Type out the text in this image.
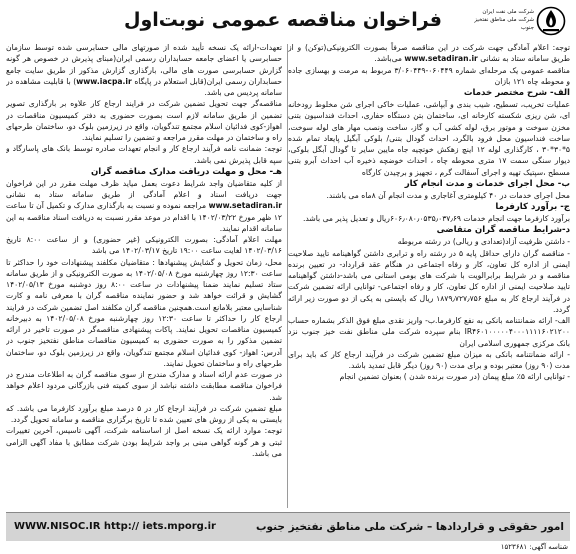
فراخوان مناقصه عمومی نوبت‌اول	شرکت ملی نفت ایران
شرکت ملی مناطق نفتخیز
جنوب

توجه: اعلام آمادگی جهت شرکت در این مناقصه صرفاً بصورت الکترونیکی(توکن) و از طریق سامانه ستاد به نشانی www.setadiran.ir می‌باشد.

مناقصه عمومی یک مرحله‌ای شماره ۰۶۰۴۴۹-۳/۰۶۰۴۴۹ مربوط به مرمت و بهسازی جاده و محوطه چاه ۱۲۱ بازان

الف- شرح مختصر خدمات

عملیات تخریب، تسطیح، شیب بندی و آبپاشی، عملیات خاکی اجرای شن مخلوط رودخانه ای، شن ریزی شکسته کارخانه ای، ساختمان بتن دستگاه حفاری، احداث فنداسیون بتنی مخزن سوخت و موتور برق، لوله کشی آب و گاز، ساخت ونصب مهار های لوله سوخت، ساخت فنداسیون محل فرود بالگرد، احداث گودال بتنی/ بلوکی آبگیل پایعاد تمام شده ۵*۳۰*۳۰ ، کارگذاری لوله ۱۲ اینچ زهکش خوتچیه جاه مایین سایر تا گودال آبگل بلوکی، دیوار سنگی سمت ۱۷ متری محوطه چاه ، احداث خوضچه ذخیره آب احداث آبرو بتنی مسطح ،سپتیک تهیه و اجرای آسفالت گرم ، تجهیز و برچیدن کارگاه

ب- محل اجرای خدمات و مدت انجام کار

محل اجرای خدمات در ۴۰ کیلومتری آغاجاری و مدت انجام آن ۸ماه می باشند.

ج- برآورد کارفرما

برآورد کارفرما جهت انجام خدمات ۶۰۶٫۰۸۰٫۰۵۳۵٫۰۳۷٫۶۹ریال و تعدیل پذیر می باشد.

د-شرایط مناقصه گران متقاضی

- داشتن ظرفیت آزاد(تعدادی و ریالی) در رشته مربوطه

- مناقصه گران دارای حداقل پایه ۵ در رشته راه و ترابری داشتن گواهینامه تایید صلاحیت ایمنی از اداره کل تعاون، کار و رفاه اجتماعی در هنگام عقد قرارداد- در تعیین برنده مناقصه و در شرایط برابرالویت با شرکت های بومی استانی می باشد-داشتن گواهینامه تایید صلاحیت ایمنی از اداره کل تعاون، کار و رفاه اجتماعی- توانایی ارائه تضمین شرکت در فرآیند ارجاع کار به مبلغ ۱۸۷۹٫۷۲۷٫۷۵۶ ریال که بایستی به یکی از دو صورت زیر ارائه گردد.

الف- ارائه ضمانتنامه بانکی به نفع کارفرما.ب- واریز نقدی مبلغ فوق الذکر بشماره حساب IR۴۶۰۱۰۰۰۰۰۴۰۰۰۱۱۱۱۶۰۲۱۲۰۰ بنام سپرده شرکت ملی مناطق نفت خیز جنوب نزد بانک مرکزی جمهوری اسلامی ایران

- ارائه ضمانتنامه بانکی به میزان مبلغ تضمین شرکت در فرآیند ارجاع کار که باید برای مدت (۹۰ روز) معتبر بوده و برای مدت (۹۰ روز) دیگر قابل تمدید باشد.

- توانایی ارائه ۵٪ مبلغ پیمان (در صورت برنده شدن ) بعنوان تضمین انجام

تعهدات-ارائه یک نسخه تأیید شده از صورتهای مالی حسابرسی شده توسط سازمان حسابرسی یا اعضای جامعه حسابداران رسمی ایران(مبنای پذیرش در خصوص هر گونه گزارش حسابرسی صورت های مالی، بارگذاری گزارش مذکور از طریق سایت جامع حسابداران رسمی ایران(قابل استعلام در پایگاه www.iacpa.ir) با قابلیت مشاهده در سامانه پردیس می باشد.

مناقصه‌گر جهت تحویل تضمین شرکت در فرایند ارجاع کار علاوه بر بارگذاری تصویر تضمین از طریق سامانه لازم است بصورت حضوری به دفتر کمیسیون مناقصات در اهواز-کوی فدائیان اسلام مجتمع تندگویان، واقع در زیرزمین بلوک دو، ساختمان طرحهای راه و ساختمان در مهلت مقرر مراجعه و تضمین را تسلیم نمایند.

توجه: ضمانت نامه فرآیند ارجاع کار و انجام تعهدات صادره توسط بانک های پاسارگاد و سپه قابل پذیرش نمی باشد.

هـ- محل و مهلت دریافت مدارک مناقصه گران

از کلیه متقاضیان واجد شرایط دعوت بعمل میاید ظرف مهلت مقرر در این فراخوان جهت دریافت اسناد و اعلام آمادگی از طریق سامانه ستاد به نشانی www.setadiran.ir مراجعه نموده و نسبت به بارگذاری مدارک و تکمیل آن تا ساعت ۱۲ ظهر مورخ ۱۴۰۲/۰۳/۲۲ با اقدام در موعد مقرر نسبت به دریافت اسناد مناقصه به این سامانه اقدام نمایند.

مهلت اعلام آمادگی: بصورت الکترونیکی (غیر حضوری) و از ساعت ۸:۰۰ تاریخ ۱۴۰۲/۰۳/۱۶ لغایت ساعت ۱۹:۰۰ تاریخ ۱۴۰۲/۰۳/۱۷ می باشد

محل، زمان تحویل و گشایش پیشنهادها : متقاضیان مکلفند پیشنهادات خود را حداکثر تا ساعت ۱۲:۳۰ روز چهارشنبه مورخ ۱۴۰۲/۰۵/۰۸ به صورت الکترونیکی و از طریق سامانه ستاد تسلیم نمایند ضمنا پیشنهادات در ساعت ۸:۰۰ روز دوشنبه مورخ ۱۴۰۲/۰۵/۱۳ گشایش و قرائت خواهد شد و حضور نماینده مناقصه گران با معرفی نامه و کارت شناسایی معتبر بلامانع است.همچنین مناقصه گران مکلفند اصل تضمین شرکت در فرایند ارجاع کار را حداکثر تا ساعت ۱۲:۳۰ روز چهارشنبه مورخ ۱۴۰۲/۰۵/۰۸ به دبیرخانه کمیسیون مناقصات تحویل نمایند. پاکات پیشنهادی مناقصه‌گر در صورت تاخیر در ارائه تضمین مذکور را به صورت حضوری به کمیسیون مناقصات مناطق نفتخیز جنوب در آدرس: اهواز- کوی فدائیان اسلام مجتمع تندگویان، واقع در زیرزمین بلوک دو، ساختمان طرحهای راه و ساختمان تحویل نمایند.

در صورت عدم ارائه اسناد و مدارک مندرج از سوی مناقصه گران به اطلاعات مندرج در فراخوان مناقصه مطابقت داشته نباشد از سوی کمیته فنی بازرگانی مردود اعلام خواهد شد.

مبلغ تضمین شرکت در فرآیند ارجاع کار در ۵ درصد مبلغ برآورد کارفرما می باشد. که بایستی به یکی از روش های تعیین شده تا تاریخ برگزاری مناقصه و سامانه تحویل گردد.

توجه: موارد ارائه یک نسخه اصل از اساسنامه شرکت، آگهی تاسیس، آخرین تغییرات ثبتی و هر گونه گواهی مبنی بر واجد شرایط بودن شرکت مطابق با مفاد آگهی الزامی می باشد.

امور حقوقی و قراردادها – شرکت ملی مناطق نفتخیز جنوب
WWW.NISOC.IR http:// iets.mporg.ir
شناسه آگهی: ۱۵۲۳۶۸۱
